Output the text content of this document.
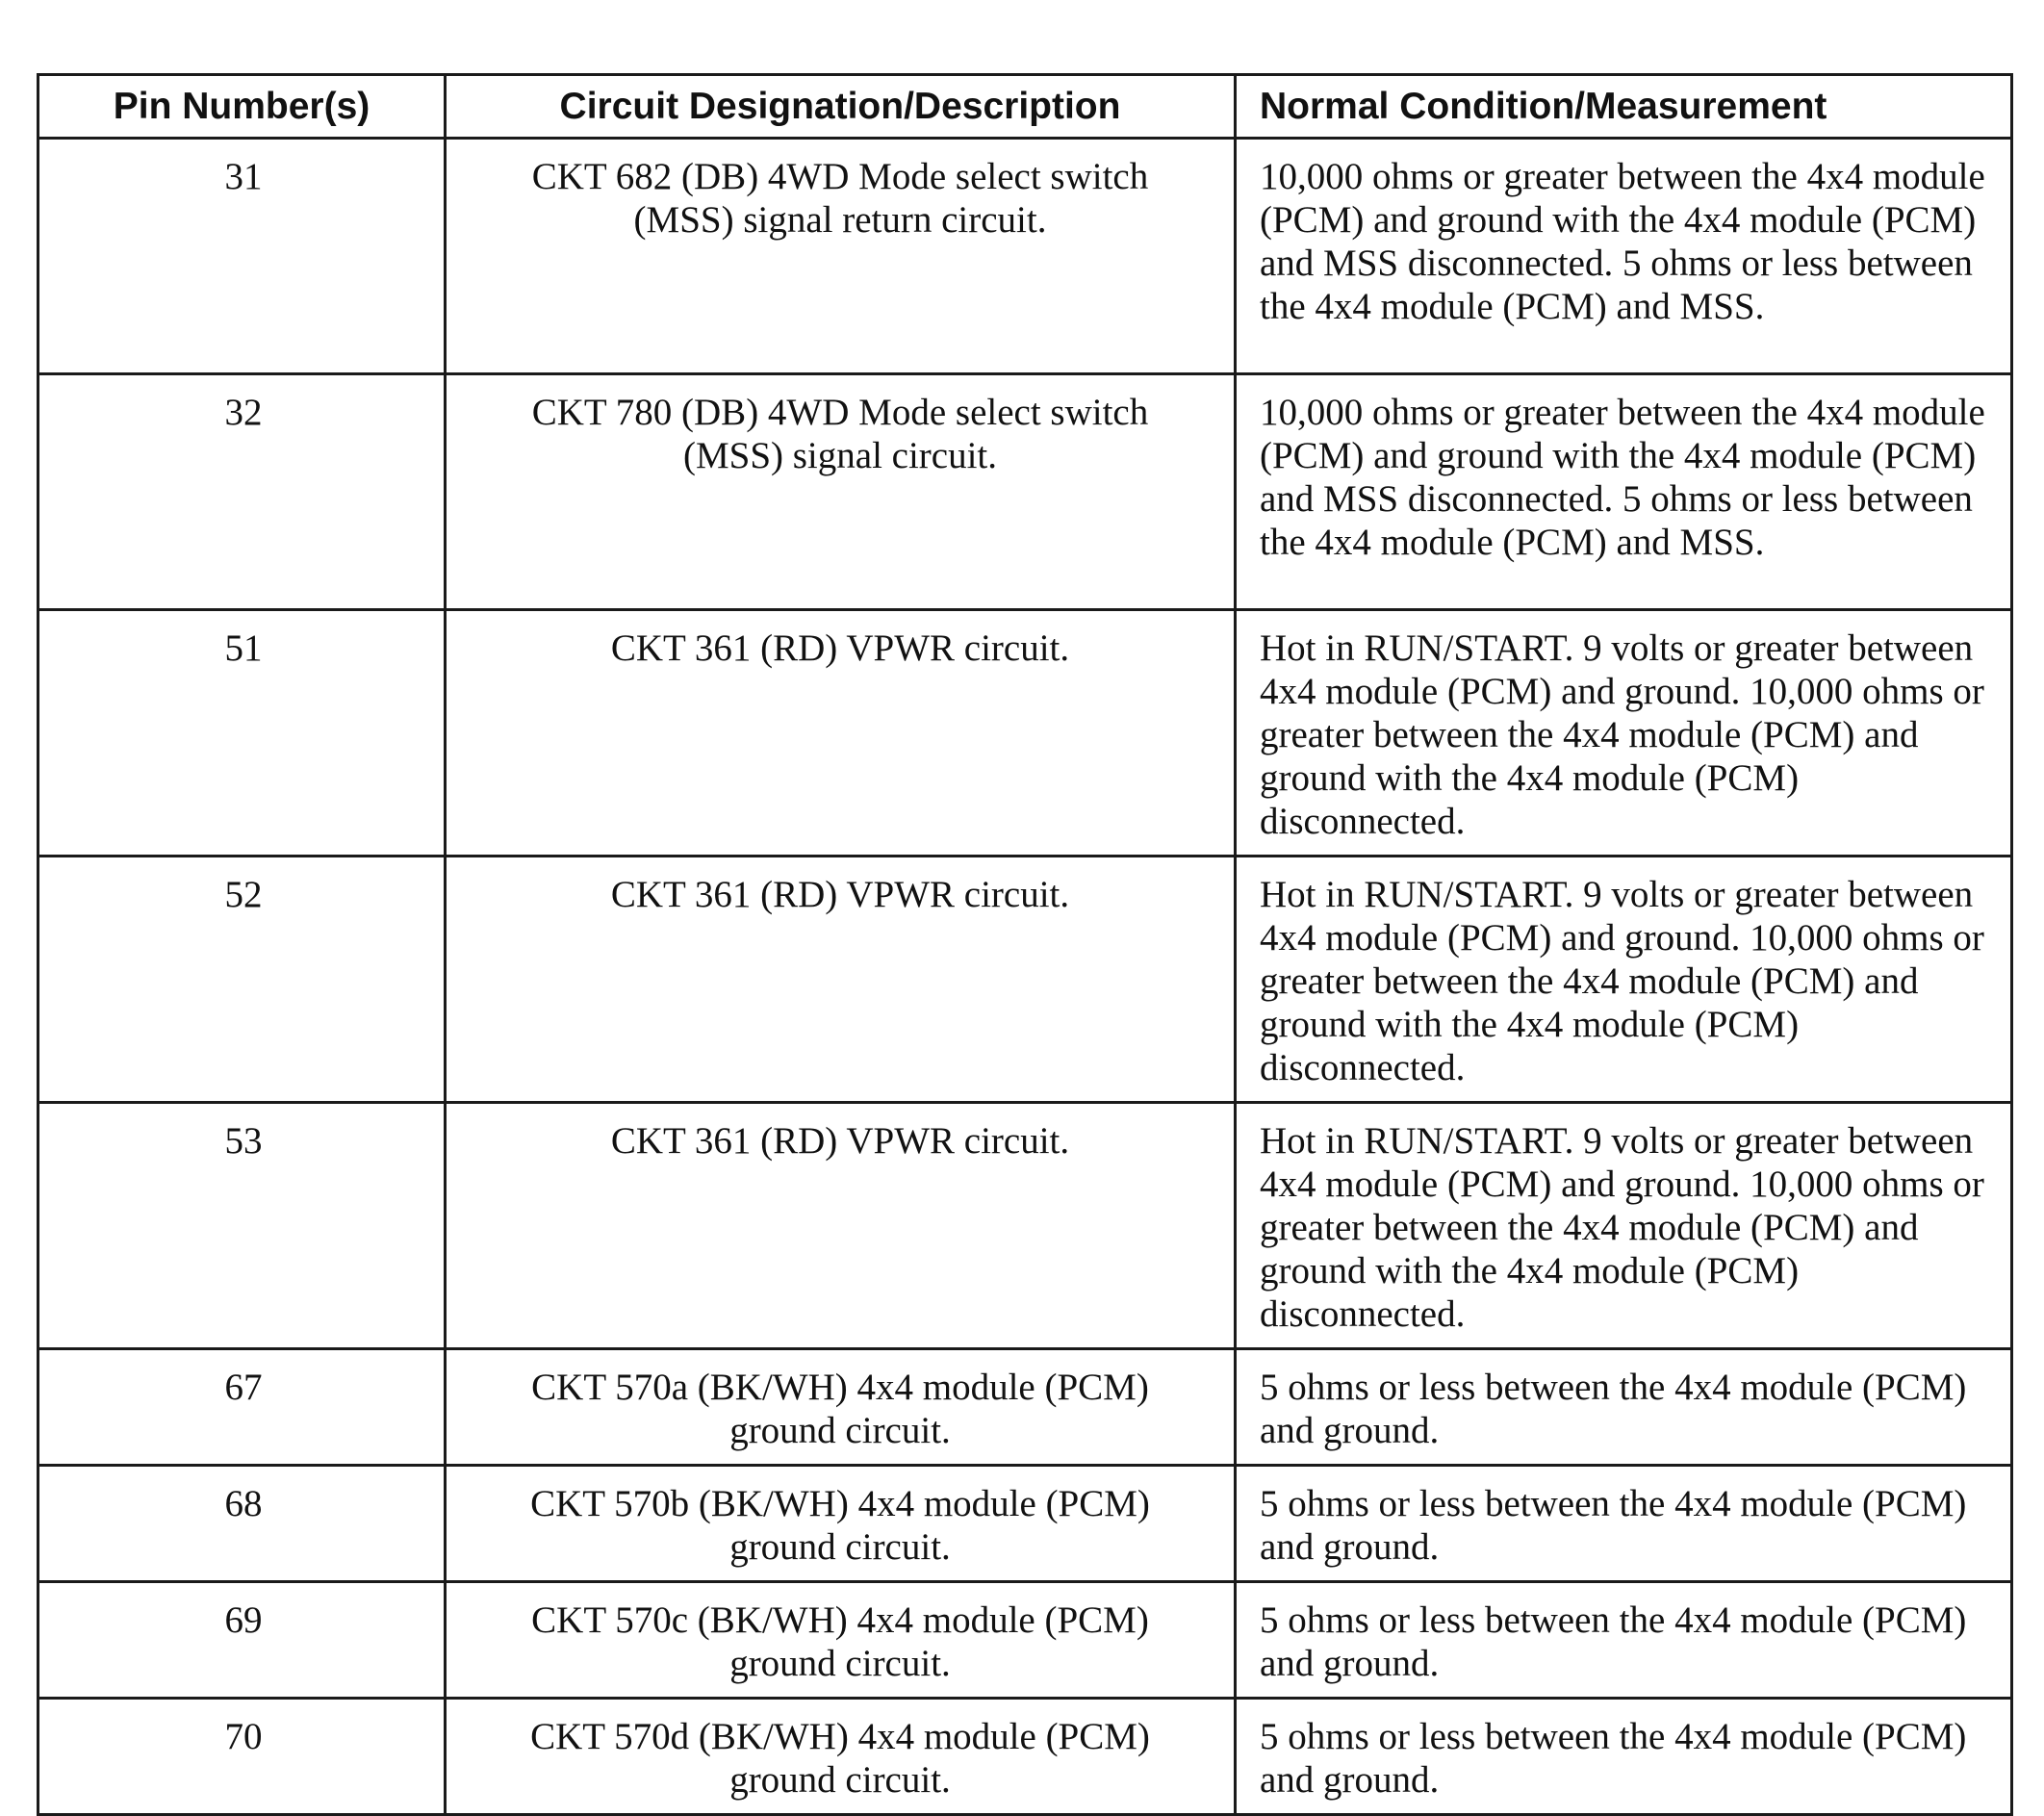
Pin Number(s)	Circuit Designation/Description	Normal Condition/Measurement
31	CKT 682 (DB) 4WD Mode select switch (MSS) signal return circuit.	10,000 ohms or greater between the 4x4 module (PCM) and ground with the 4x4 module (PCM) and MSS disconnected. 5 ohms or less between the 4x4 module (PCM) and MSS.
32	CKT 780 (DB) 4WD Mode select switch (MSS) signal circuit.	10,000 ohms or greater between the 4x4 module (PCM) and ground with the 4x4 module (PCM) and MSS disconnected. 5 ohms or less between the 4x4 module (PCM) and MSS.
51	CKT 361 (RD) VPWR circuit.	Hot in RUN/START. 9 volts or greater between 4x4 module (PCM) and ground. 10,000 ohms or greater between the 4x4 module (PCM) and ground with the 4x4 module (PCM) disconnected.
52	CKT 361 (RD) VPWR circuit.	Hot in RUN/START. 9 volts or greater between 4x4 module (PCM) and ground. 10,000 ohms or greater between the 4x4 module (PCM) and ground with the 4x4 module (PCM) disconnected.
53	CKT 361 (RD) VPWR circuit.	Hot in RUN/START. 9 volts or greater between 4x4 module (PCM) and ground. 10,000 ohms or greater between the 4x4 module (PCM) and ground with the 4x4 module (PCM) disconnected.
67	CKT 570a (BK/WH) 4x4 module (PCM) ground circuit.	5 ohms or less between the 4x4 module (PCM) and ground.
68	CKT 570b (BK/WH) 4x4 module (PCM) ground circuit.	5 ohms or less between the 4x4 module (PCM) and ground.
69	CKT 570c (BK/WH) 4x4 module (PCM) ground circuit.	5 ohms or less between the 4x4 module (PCM) and ground.
70	CKT 570d (BK/WH) 4x4 module (PCM) ground circuit.	5 ohms or less between the 4x4 module (PCM) and ground.
